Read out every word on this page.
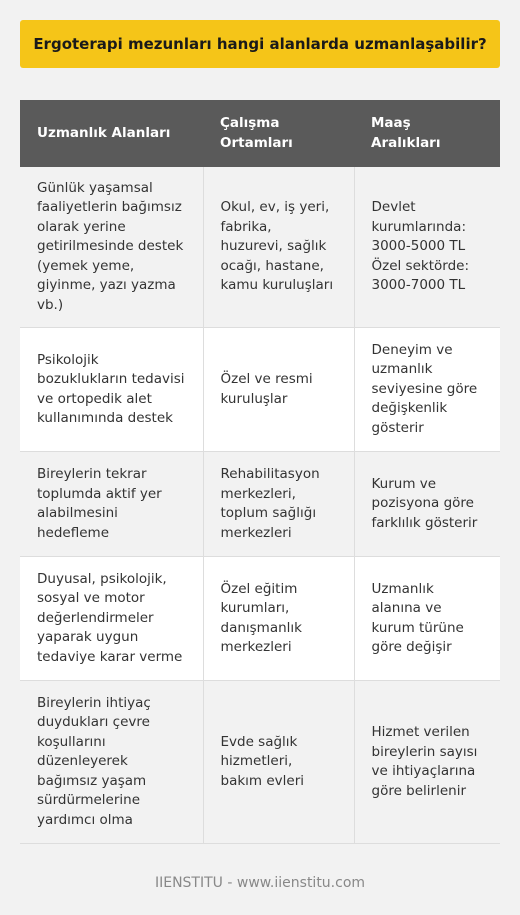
Ergoterapi mezunları hangi alanlarda uzmanlaşabilir?
Uzmanlık Alanları	Çalışma Ortamları	Maaş Aralıkları
Günlük yaşamsal faaliyetlerin bağımsız olarak yerine getirilmesinde destek (yemek yeme, giyinme, yazı yazma vb.)	Okul, ev, iş yeri, fabrika, huzurevi, sağlık ocağı, hastane, kamu kuruluşları	Devlet kurumlarında: 3000-5000 TL Özel sektörde: 3000-7000 TL
Psikolojik bozuklukların tedavisi ve ortopedik alet kullanımında destek	Özel ve resmi kuruluşlar	Deneyim ve uzmanlık seviyesine göre değişkenlik gösterir
Bireylerin tekrar toplumda aktif yer alabilmesini hedefleme	Rehabilitasyon merkezleri, toplum sağlığı merkezleri	Kurum ve pozisyona göre farklılık gösterir
Duyusal, psikolojik, sosyal ve motor değerlendirmeler yaparak uygun tedaviye karar verme	Özel eğitim kurumları, danışmanlık merkezleri	Uzmanlık alanına ve kurum türüne göre değişir
Bireylerin ihtiyaç duydukları çevre koşullarını düzenleyerek bağımsız yaşam sürdürmelerine yardımcı olma	Evde sağlık hizmetleri, bakım evleri	Hizmet verilen bireylerin sayısı ve ihtiyaçlarına göre belirlenir
IIENSTITU - www.iienstitu.com
